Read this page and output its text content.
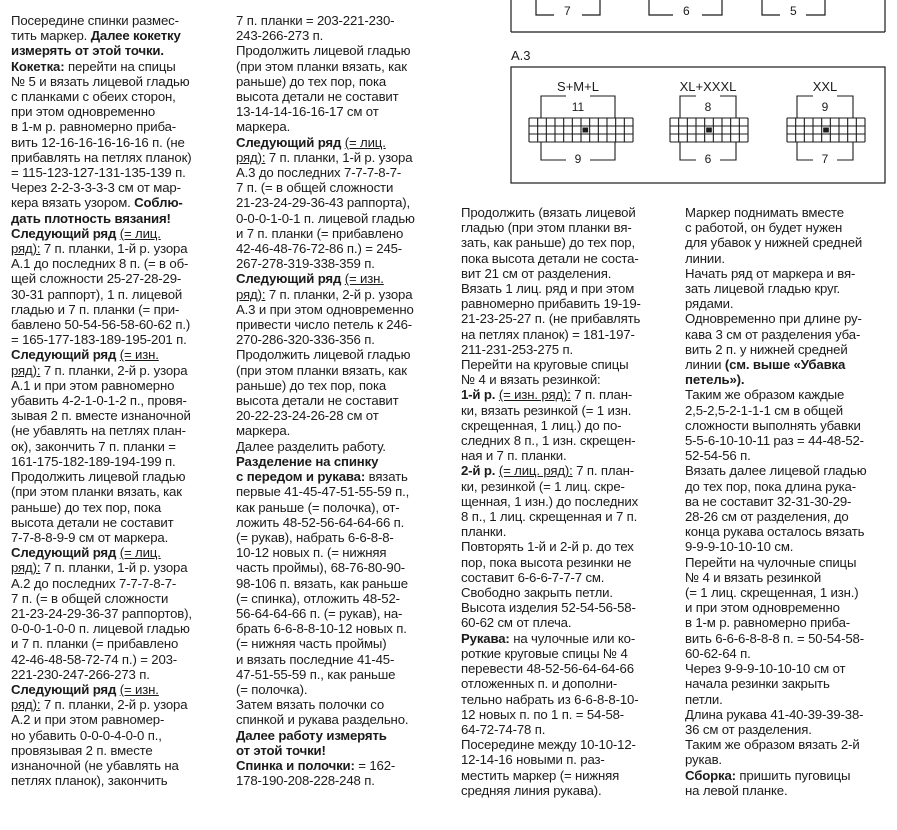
Посередине спинки размес-
тить маркер. Далее кокетку
измерять от этой точки.
Кокетка: перейти на спицы
№ 5 и вязать лицевой гладью
с планками с обеих сторон,
при этом одновременно
в 1-м р. равномерно приба-
вить 12-16-16-16-16-16 п. (не
прибавлять на петлях планок)
= 115-123-127-131-135-139 п.
Через 2-2-3-3-3-3 см от мар-
кера вязать узором. Соблю-
дать плотность вязания!
Следующий ряд (= лиц.
ряд): 7 п. планки, 1-й р. узора
А.1 до последних 8 п. (= в об-
щей сложности 25-27-28-29-
30-31 раппорт), 1 п. лицевой
гладью и 7 п. планки (= при-
бавлено 50-54-56-58-60-62 п.)
= 165-177-183-189-195-201 п.
Следующий ряд (= изн.
ряд): 7 п. планки, 2-й р. узора
А.1 и при этом равномерно
убавить 4-2-1-0-1-2 п., провя-
зывая 2 п. вместе изнаночной
(не убавлять на петлях план-
ок), закончить 7 п. планки =
161-175-182-189-194-199 п.
Продолжить лицевой гладью
(при этом планки вязать, как
раньше) до тех пор, пока
высота детали не составит
7-7-8-8-9-9 см от маркера.
Следующий ряд (= лиц.
ряд): 7 п. планки, 1-й р. узора
А.2 до последних 7-7-7-8-7-
7 п. (= в общей сложности
21-23-24-29-36-37 раппортов),
0-0-0-1-0-0 п. лицевой гладью
и 7 п. планки (= прибавлено
42-46-48-58-72-74 п.) = 203-
221-230-247-266-273 п.
Следующий ряд (= изн.
ряд): 7 п. планки, 2-й р. узора
А.2 и при этом равномер-
но убавить 0-0-0-4-0-0 п.,
провязывая 2 п. вместе
изнаночной (не убавлять на
петлях планок), закончить

7 п. планки = 203-221-230-
243-266-273 п.
Продолжить лицевой гладью
(при этом планки вязать, как
раньше) до тех пор, пока
высота детали не составит
13-14-14-16-16-17 см от
маркера.
Следующий ряд (= лиц.
ряд): 7 п. планки, 1-й р. узора
А.3 до последних 7-7-7-8-7-
7 п. (= в общей сложности
21-23-24-29-36-43 раппорта),
0-0-0-1-0-1 п. лицевой гладью
и 7 п. планки (= прибавлено
42-46-48-76-72-86 п.) = 245-
267-278-319-338-359 п.
Следующий ряд (= изн.
ряд): 7 п. планки, 2-й р. узора
А.3 и при этом одновременно
привести число петель к 246-
270-286-320-336-356 п.
Продолжить лицевой гладью
(при этом планки вязать, как
раньше) до тех пор, пока
высота детали не составит
20-22-23-24-26-28 см от
маркера.
Далее разделить работу.
Разделение на спинку
с передом и рукава: вязать
первые 41-45-47-51-55-59 п.,
как раньше (= полочка), от-
ложить 48-52-56-64-64-66 п.
(= рукав), набрать 6-6-8-8-
10-12 новых п. (= нижняя
часть проймы), 68-76-80-90-
98-106 п. вязать, как раньше
(= спинка), отложить 48-52-
56-64-64-66 п. (= рукав), на-
брать 6-6-8-8-10-12 новых п.
(= нижняя часть проймы)
и вязать последние 41-45-
47-51-55-59 п., как раньше
(= полочка).
Затем вязать полочки со
спинкой и рукава раздельно.
Далее работу измерять
от этой точки!
Спинка и полочки: = 162-
178-190-208-228-248 п.

Продолжить (вязать лицевой
гладью (при этом планки вя-
зать, как раньше) до тех пор,
пока высота детали не соста-
вит 21 см от разделения.
Вязать 1 лиц. ряд и при этом
равномерно прибавить 19-19-
21-23-25-27 п. (не прибавлять
на петлях планок) = 181-197-
211-231-253-275 п.
Перейти на круговые спицы
№ 4 и вязать резинкой:
1-й р. (= изн. ряд): 7 п. план-
ки, вязать резинкой (= 1 изн.
скрещенная, 1 лиц.) до по-
следних 8 п., 1 изн. скрещен-
ная и 7 п. планки.
2-й р. (= лиц. ряд): 7 п. план-
ки, резинкой (= 1 лиц. скре-
щенная, 1 изн.) до последних
8 п., 1 лиц. скрещенная и 7 п.
планки.
Повторять 1-й и 2-й р. до тех
пор, пока высота резинки не
составит 6-6-6-7-7-7 см.
Свободно закрыть петли.
Высота изделия 52-54-56-58-
60-62 см от плеча.
Рукава: на чулочные или ко-
роткие круговые спицы № 4
перевести 48-52-56-64-64-66
отложенных п. и дополни-
тельно набрать из 6-6-8-8-10-
12 новых п. по 1 п. = 54-58-
64-72-74-78 п.
Посередине между 10-10-12-
12-14-16 новыми п. раз-
местить маркер (= нижняя
средняя линия рукава).

Маркер поднимать вместе
с работой, он будет нужен
для убавок у нижней средней
линии.
Начать ряд от маркера и вя-
зать лицевой гладью круг.
рядами.
Одновременно при длине ру-
кава 3 см от разделения уба-
вить 2 п. у нижней средней
линии (см. выше «Убавка
петель»).
Таким же образом каждые
2,5-2,5-2-1-1-1 см в общей
сложности выполнять убавки
5-5-6-10-10-11 раз = 44-48-52-
52-54-56 п.
Вязать далее лицевой гладью
до тех пор, пока длина рука-
ва не составит 32-31-30-29-
28-26 см от разделения, до
конца рукава осталось вязать
9-9-9-10-10-10 см.
Перейти на чулочные спицы
№ 4 и вязать резинкой
(= 1 лиц. скрещенная, 1 изн.)
и при этом одновременно
в 1-м р. равномерно приба-
вить 6-6-6-8-8-8 п. = 50-54-58-
60-62-64 п.
Через 9-9-9-10-10-10 см от
начала резинки закрыть
петли.
Длина рукава 41-40-39-39-38-
36 см от разделения.
Таким же образом вязать 2-й
рукав.
Сборка: пришить пуговицы
на левой планке.

7	6	5
A.3
S+M+L
11
9
XL+XXXL
8
6
XXL
9
7
